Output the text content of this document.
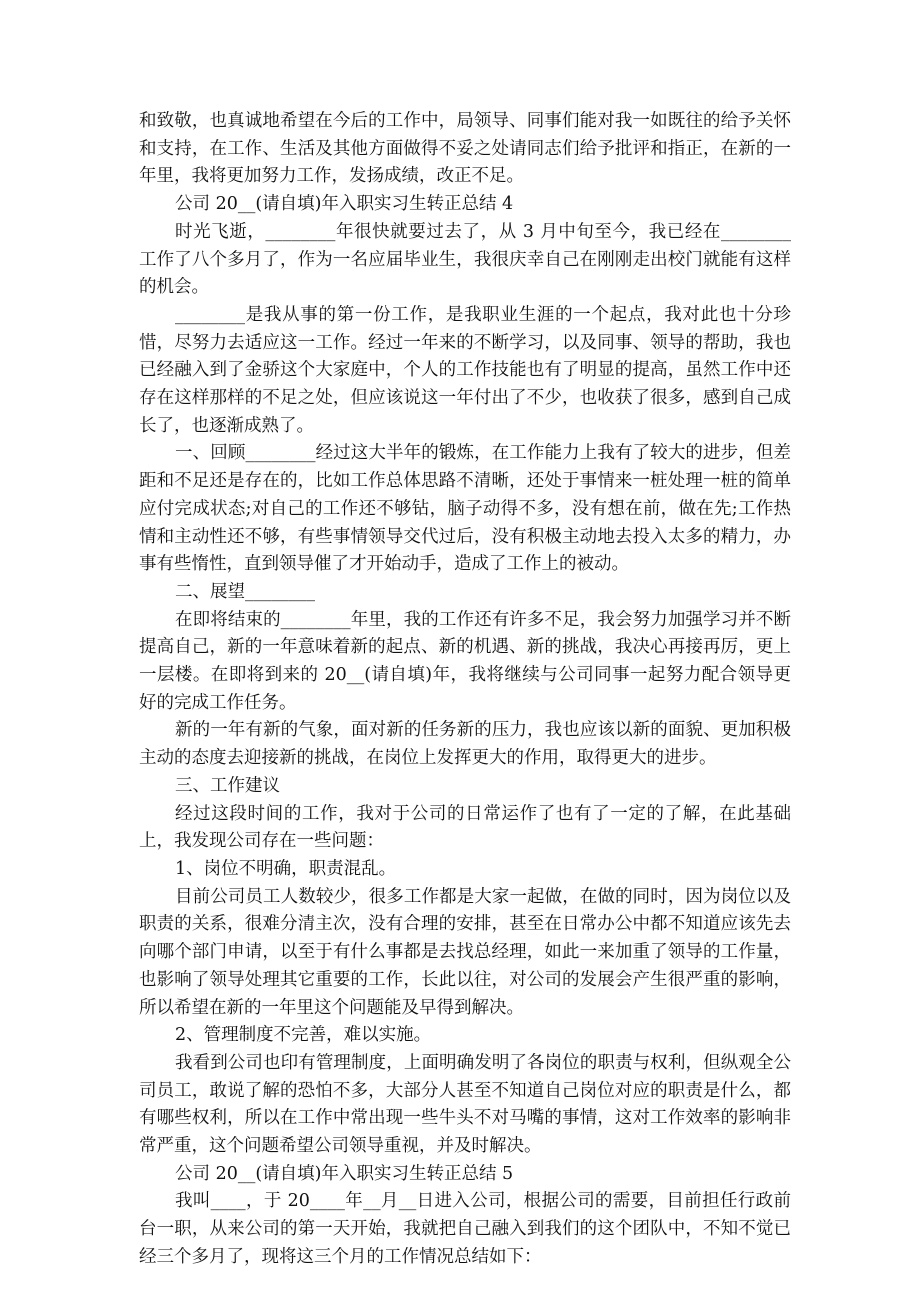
和致敬，也真诚地希望在今后的工作中，局领导、同事们能对我一如既往的给予关怀和支持，在工作、生活及其他方面做得不妥之处请同志们给予批评和指正，在新的一年里，我将更加努力工作，发扬成绩，改正不足。

公司 20__(请自填)年入职实习生转正总结 4

时光飞逝，________年很快就要过去了，从 3 月中旬至今，我已经在________工作了八个多月了，作为一名应届毕业生，我很庆幸自己在刚刚走出校门就能有这样的机会。

________是我从事的第一份工作，是我职业生涯的一个起点，我对此也十分珍惜，尽努力去适应这一工作。经过一年来的不断学习，以及同事、领导的帮助，我也已经融入到了金骄这个大家庭中，个人的工作技能也有了明显的提高，虽然工作中还存在这样那样的不足之处，但应该说这一年付出了不少，也收获了很多，感到自己成长了，也逐渐成熟了。

一、回顾________经过这大半年的锻炼，在工作能力上我有了较大的进步，但差距和不足还是存在的，比如工作总体思路不清晰，还处于事情来一桩处理一桩的简单应付完成状态;对自己的工作还不够钻，脑子动得不多，没有想在前，做在先;工作热情和主动性还不够，有些事情领导交代过后，没有积极主动地去投入太多的精力，办事有些惰性，直到领导催了才开始动手，造成了工作上的被动。

二、展望________

在即将结束的________年里，我的工作还有许多不足，我会努力加强学习并不断提高自己，新的一年意味着新的起点、新的机遇、新的挑战，我决心再接再厉，更上一层楼。在即将到来的 20__(请自填)年，我将继续与公司同事一起努力配合领导更好的完成工作任务。

新的一年有新的气象，面对新的任务新的压力，我也应该以新的面貌、更加积极主动的态度去迎接新的挑战，在岗位上发挥更大的作用，取得更大的进步。

三、工作建议

经过这段时间的工作，我对于公司的日常运作了也有了一定的了解，在此基础上，我发现公司存在一些问题：

1、岗位不明确，职责混乱。

目前公司员工人数较少，很多工作都是大家一起做，在做的同时，因为岗位以及职责的关系，很难分清主次，没有合理的安排，甚至在日常办公中都不知道应该先去向哪个部门申请，以至于有什么事都是去找总经理，如此一来加重了领导的工作量，也影响了领导处理其它重要的工作，长此以往，对公司的发展会产生很严重的影响，所以希望在新的一年里这个问题能及早得到解决。

2、管理制度不完善，难以实施。

我看到公司也印有管理制度，上面明确发明了各岗位的职责与权利，但纵观全公司员工，敢说了解的恐怕不多，大部分人甚至不知道自己岗位对应的职责是什么，都有哪些权利，所以在工作中常出现一些牛头不对马嘴的事情，这对工作效率的影响非常严重，这个问题希望公司领导重视，并及时解决。

公司 20__(请自填)年入职实习生转正总结 5

我叫____，于 20____年__月__日进入公司，根据公司的需要，目前担任行政前台一职，从来公司的第一天开始，我就把自己融入到我们的这个团队中，不知不觉已经三个多月了，现将这三个月的工作情况总结如下：
